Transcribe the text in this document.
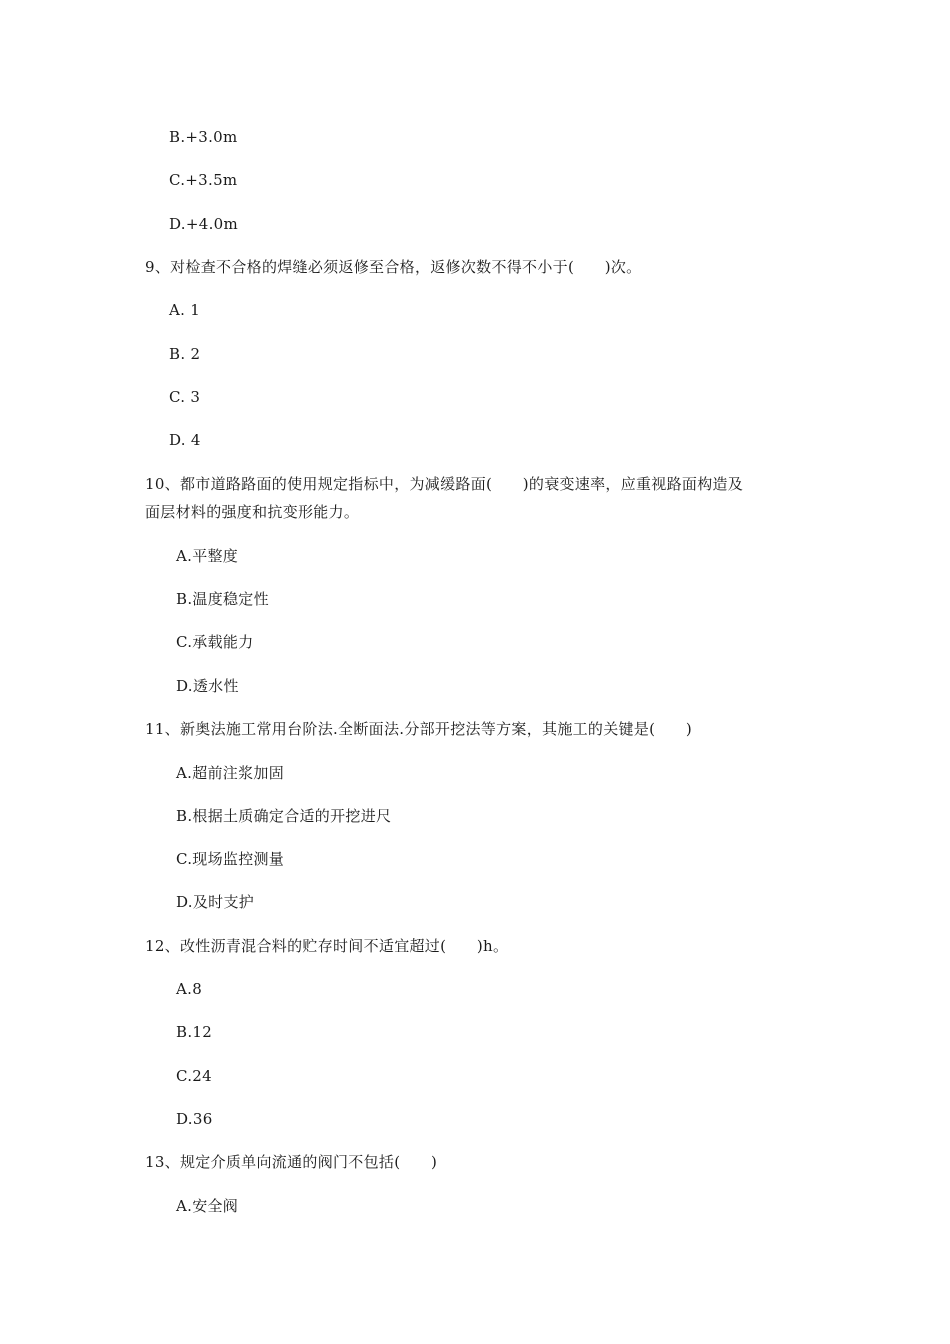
B.+3.0m
C.+3.5m
D.+4.0m
9、对检查不合格的焊缝必须返修至合格，返修次数不得不小于(　　)次。
A. 1
B. 2
C. 3
D. 4
10、都市道路路面的使用规定指标中，为减缓路面(　　)的衰变速率，应重视路面构造及
面层材料的强度和抗变形能力。
A.平整度
B.温度稳定性
C.承载能力
D.透水性
11、新奥法施工常用台阶法.全断面法.分部开挖法等方案，其施工的关键是(　　)
A.超前注浆加固
B.根据土质确定合适的开挖进尺
C.现场监控测量
D.及时支护
12、改性沥青混合料的贮存时间不适宜超过(　　)h。
A.8
B.12
C.24
D.36
13、规定介质单向流通的阀门不包括(　　)
A.安全阀
